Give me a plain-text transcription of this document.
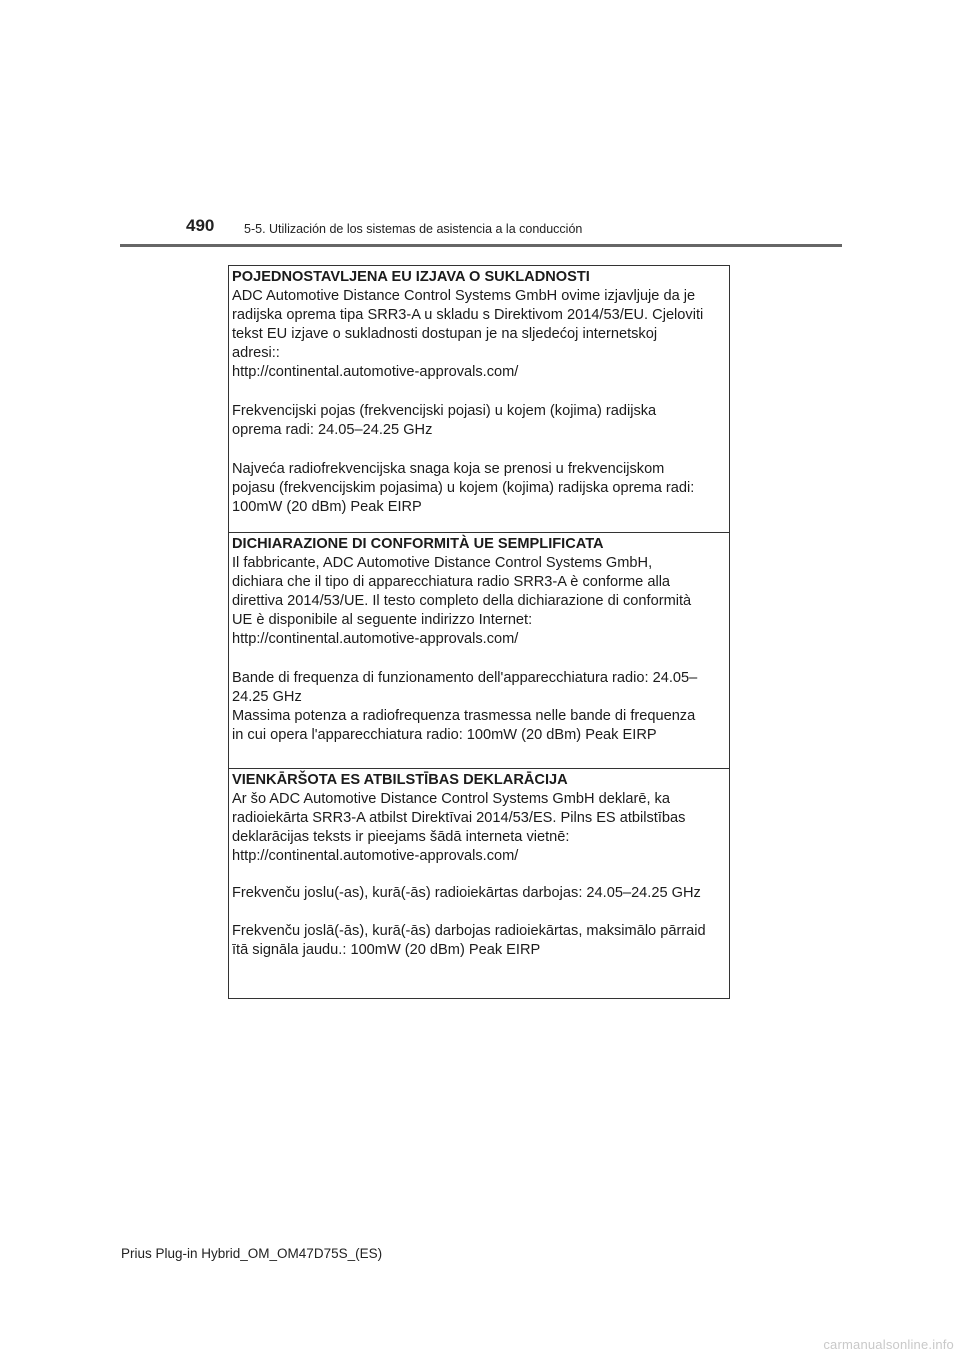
490 5-5. Utilización de los sistemas de asistencia a la conducción
POJEDNOSTAVLJENA EU IZJAVA O SUKLADNOSTI
ADC Automotive Distance Control Systems GmbH ovime izjavljuje da je
radijska oprema tipa SRR3-A u skladu s Direktivom 2014/53/EU. Cjeloviti
tekst EU izjave o sukladnosti dostupan je na sljedećoj internetskoj
adresi::
http://continental.automotive-approvals.com/
Frekvencijski pojas (frekvencijski pojasi) u kojem (kojima) radijska
oprema radi: 24.05–24.25 GHz
Najveća radiofrekvencijska snaga koja se prenosi u frekvencijskom
pojasu (frekvencijskim pojasima) u kojem (kojima) radijska oprema radi:
100mW (20 dBm) Peak EIRP
DICHIARAZIONE DI CONFORMITÀ UE SEMPLIFICATA
Il fabbricante, ADC Automotive Distance Control Systems GmbH,
dichiara che il tipo di apparecchiatura radio SRR3-A è conforme alla
direttiva 2014/53/UE. Il testo completo della dichiarazione di conformità
UE è disponibile al seguente indirizzo Internet:
http://continental.automotive-approvals.com/
Bande di frequenza di funzionamento dell'apparecchiatura radio: 24.05–
24.25 GHz
Massima potenza a radiofrequenza trasmessa nelle bande di frequenza
in cui opera l'apparecchiatura radio: 100mW (20 dBm) Peak EIRP
VIENKĀRŠOTA ES ATBILSTĪBAS DEKLARĀCIJA
Ar šo ADC Automotive Distance Control Systems GmbH deklarē, ka
radioiekārta SRR3-A atbilst Direktīvai 2014/53/ES. Pilns ES atbilstības
deklarācijas teksts ir pieejams šādā interneta vietnē:
http://continental.automotive-approvals.com/
Frekvenču joslu(-as), kurā(-ās) radioiekārtas darbojas: 24.05–24.25 GHz
Frekvenču joslā(-ās), kurā(-ās) darbojas radioiekārtas, maksimālo pārraid
ītā signāla jaudu.: 100mW (20 dBm) Peak EIRP
Prius Plug-in Hybrid_OM_OM47D75S_(ES)
carmanualsonline.info
